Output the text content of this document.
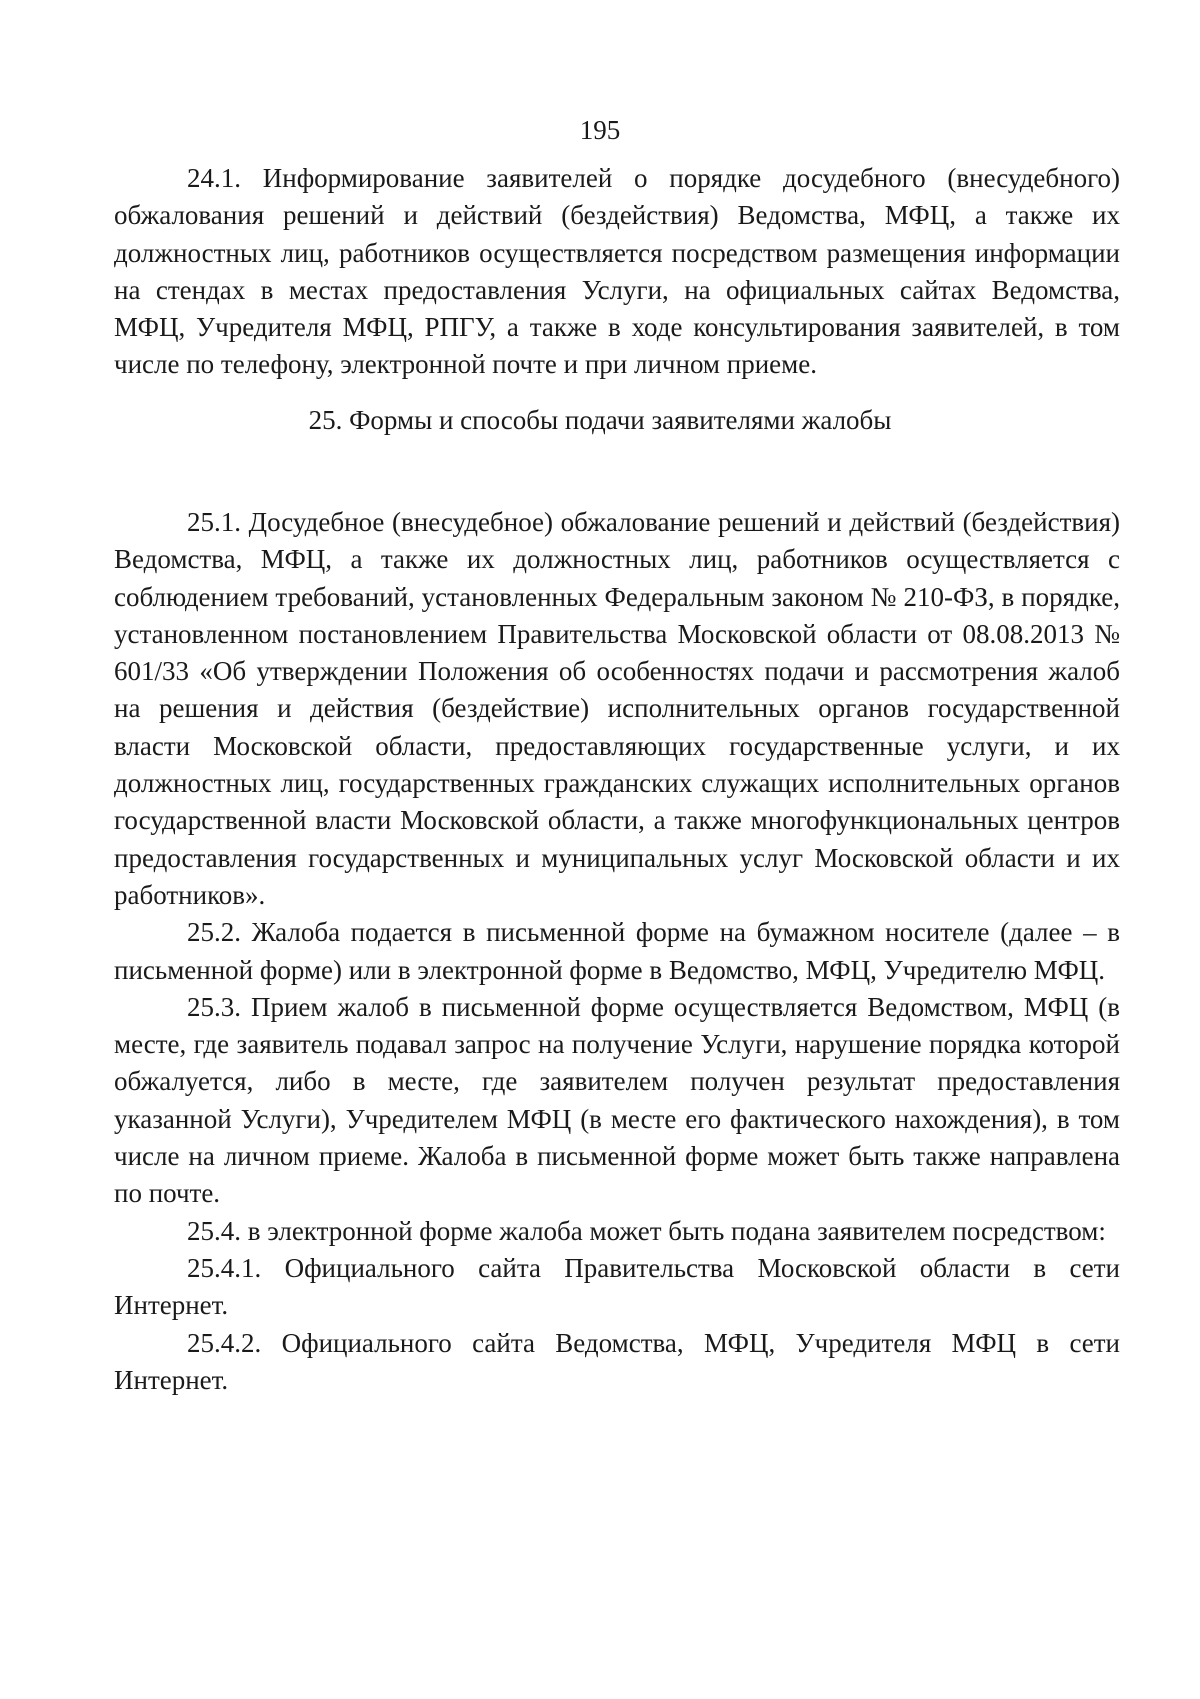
195

24.1. Информирование заявителей о порядке досудебного (внесудебного) обжалования решений и действий (бездействия) Ведомства, МФЦ, а также их должностных лиц, работников осуществляется посредством размещения информации на стендах в местах предоставления Услуги, на официальных сайтах Ведомства, МФЦ, Учредителя МФЦ, РПГУ, а также в ходе консультирования заявителей, в том числе по телефону, электронной почте и при личном приеме.

25. Формы и способы подачи заявителями жалобы

25.1. Досудебное (внесудебное) обжалование решений и действий (бездействия) Ведомства, МФЦ, а также их должностных лиц, работников осуществляется с соблюдением требований, установленных Федеральным законом № 210-ФЗ, в порядке, установленном постановлением Правительства Московской области от 08.08.2013 № 601/33 «Об утверждении Положения об особенностях подачи и рассмотрения жалоб на решения и действия (бездействие) исполнительных органов государственной власти Московской области, предоставляющих государственные услуги, и их должностных лиц, государственных гражданских служащих исполнительных органов государственной власти Московской области, а также многофункциональных центров предоставления государственных и муниципальных услуг Московской области и их работников».

25.2. Жалоба подается в письменной форме на бумажном носителе (далее – в письменной форме) или в электронной форме в Ведомство, МФЦ, Учредителю МФЦ.

25.3. Прием жалоб в письменной форме осуществляется Ведомством, МФЦ (в месте, где заявитель подавал запрос на получение Услуги, нарушение порядка которой обжалуется, либо в месте, где заявителем получен результат предоставления указанной Услуги), Учредителем МФЦ (в месте его фактического нахождения), в том числе на личном приеме. Жалоба в письменной форме может быть также направлена по почте.

25.4. в электронной форме жалоба может быть подана заявителем посредством:

25.4.1. Официального сайта Правительства Московской области в сети Интернет.

25.4.2. Официального сайта Ведомства, МФЦ, Учредителя МФЦ в сети Интернет.
